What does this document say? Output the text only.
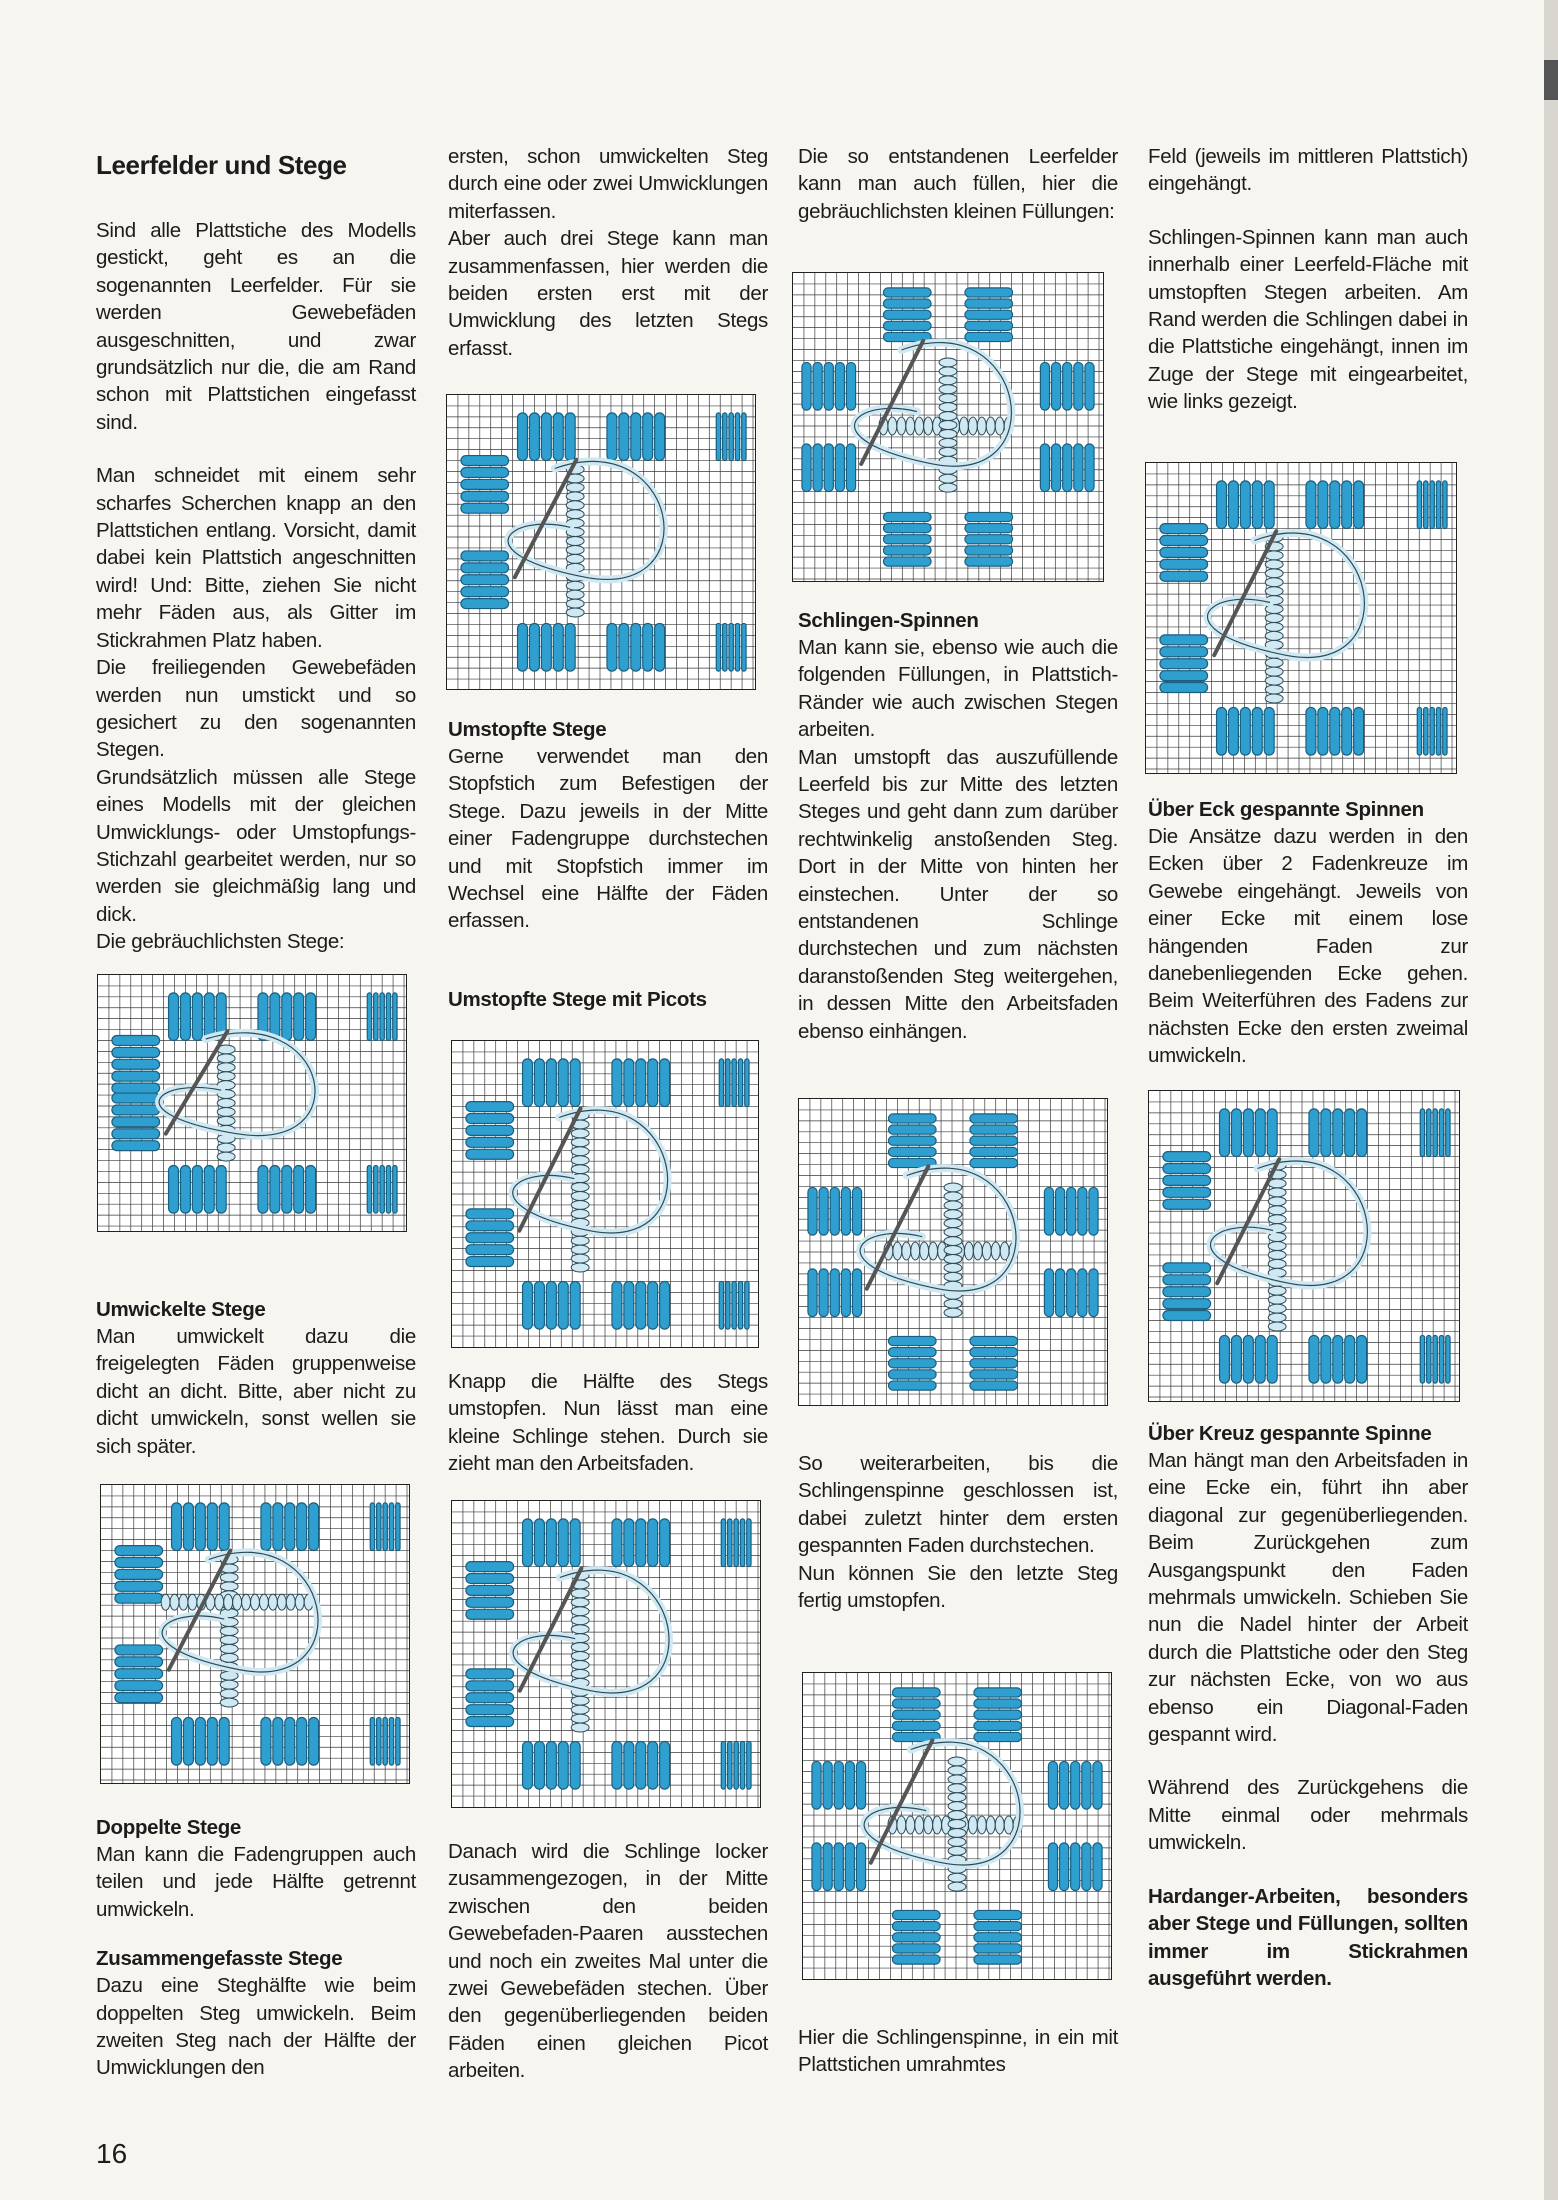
Leerfelder und Stege

Sind alle Plattstiche des Modells gestickt, geht es an die sogenannten Leerfelder. Für sie werden Gewebefäden ausgeschnitten, und zwar grundsätzlich nur die, die am Rand schon mit Plattstichen eingefasst sind.

Man schneidet mit einem sehr scharfes Scherchen knapp an den Plattstichen entlang. Vorsicht, damit dabei kein Plattstich angeschnitten wird! Und: Bitte, ziehen Sie nicht mehr Fäden aus, als Gitter im Stickrahmen Platz haben.

Die freiliegenden Gewebefäden werden nun umstickt und so gesichert zu den sogenannten Stegen.

Grundsätzlich müssen alle Stege eines Modells mit der gleichen Umwicklungs- oder Umstopfungs-Stichzahl gearbeitet werden, nur so werden sie gleichmäßig lang und dick.

Die gebräuchlichsten Stege:

Umwickelte Stege

Man umwickelt dazu die freigelegten Fäden gruppenweise dicht an dicht. Bitte, aber nicht zu dicht umwickeln, sonst wellen sie sich später.

Doppelte Stege

Man kann die Fadengruppen auch teilen und jede Hälfte getrennt umwickeln.

Zusammengefasste Stege

Dazu eine Steghälfte wie beim doppelten Steg umwickeln. Beim zweiten Steg nach der Hälfte der Umwicklungen den

ersten, schon umwickelten Steg durch eine oder zwei Umwicklungen miterfassen.

Aber auch drei Stege kann man zusammenfassen, hier werden die beiden ersten erst mit der Umwicklung des letzten Stegs erfasst.

Umstopfte Stege

Gerne verwendet man den Stopfstich zum Befestigen der Stege. Dazu jeweils in der Mitte einer Fadengruppe durchstechen und mit Stopfstich immer im Wechsel eine Hälfte der Fäden erfassen.

Umstopfte Stege mit Picots

Knapp die Hälfte des Stegs umstopfen. Nun lässt man eine kleine Schlinge stehen. Durch sie zieht man den Arbeitsfaden.

Danach wird die Schlinge locker zusammengezogen, in der Mitte zwischen den beiden Gewebefaden-Paaren ausstechen und noch ein zweites Mal unter die zwei Gewebefäden stechen. Über den gegenüberliegenden beiden Fäden einen gleichen Picot arbeiten.

Die so entstandenen Leerfelder kann man auch füllen, hier die gebräuchlichsten kleinen Füllungen:

Schlingen-Spinnen

Man kann sie, ebenso wie auch die folgenden Füllungen, in Plattstich-Ränder wie auch zwischen Stegen arbeiten.

Man umstopft das auszufüllende Leerfeld bis zur Mitte des letzten Steges und geht dann zum darüber rechtwinkelig anstoßenden Steg. Dort in der Mitte von hinten her einstechen. Unter der so entstandenen Schlinge durchstechen und zum nächsten daranstoßenden Steg weitergehen, in dessen Mitte den Arbeitsfaden ebenso einhängen.

So weiterarbeiten, bis die Schlingenspinne geschlossen ist, dabei zuletzt hinter dem ersten gespannten Faden durchstechen.

Nun können Sie den letzte Steg fertig umstopfen.

Hier die Schlingenspinne, in ein mit Plattstichen umrahmtes

Feld (jeweils im mittleren Plattstich) eingehängt.

Schlingen-Spinnen kann man auch innerhalb einer Leerfeld-Fläche mit umstopften Stegen arbeiten. Am Rand werden die Schlingen dabei in die Plattstiche eingehängt, innen im Zuge der Stege mit eingearbeitet, wie links gezeigt.

Über Eck gespannte Spinnen

Die Ansätze dazu werden in den Ecken über 2 Fadenkreuze im Gewebe eingehängt. Jeweils von einer Ecke mit einem lose hängenden Faden zur danebenliegenden Ecke gehen. Beim Weiterführen des Fadens zur nächsten Ecke den ersten zweimal umwickeln.

Über Kreuz gespannte Spinne

Man hängt man den Arbeitsfaden in eine Ecke ein, führt ihn aber diagonal zur gegenüberliegenden. Beim Zurückgehen zum Ausgangspunkt den Faden mehrmals umwickeln. Schieben Sie nun die Nadel hinter der Arbeit durch die Plattstiche oder den Steg zur nächsten Ecke, von wo aus ebenso ein Diagonal-Faden gespannt wird.

Während des Zurückgehens die Mitte einmal oder mehrmals umwickeln.

Hardanger-Arbeiten, besonders aber Stege und Füllungen, sollten immer im Stickrahmen ausgeführt werden.

16
